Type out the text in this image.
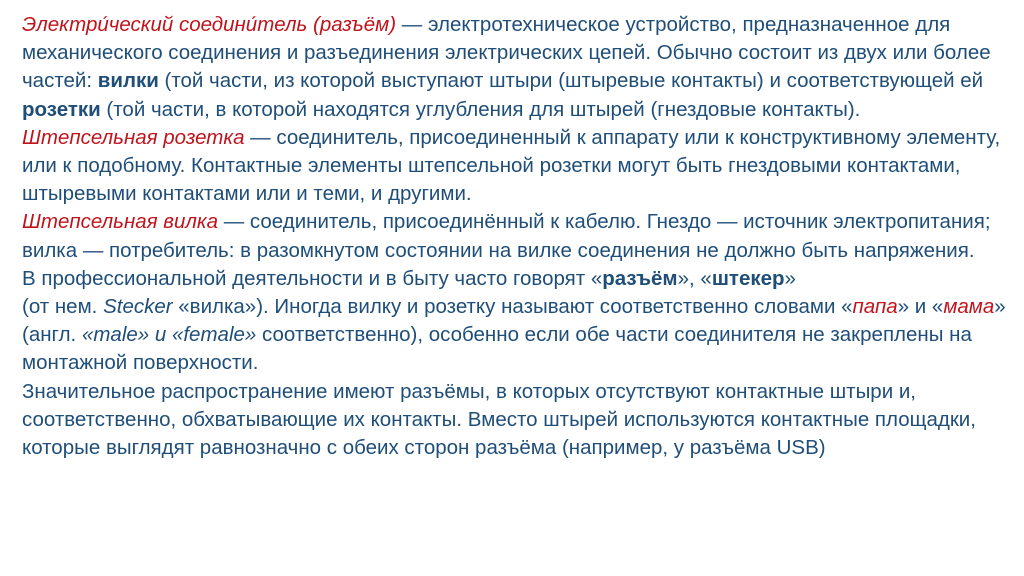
Электри́ческий соедини́тель (разъём) — электротехническое устройство, предназначенное для механического соединения и разъединения электрических цепей. Обычно состоит из двух или более частей: вилки (той части, из которой выступают штыри (штыревые контакты) и соответствующей ей розетки (той части, в которой находятся углубления для штырей (гнездовые контакты).

Штепсельная розетка — соединитель, присоединенный к аппарату или к конструктивному элементу, или к подобному. Контактные элементы штепсельной розетки могут быть гнездовыми контактами, штыревыми контактами или и теми, и другими.

Штепсельная вилка — соединитель, присоединённый к кабелю. Гнездо — источник электропитания; вилка — потребитель: в разомкнутом состоянии на вилке соединения не должно быть напряжения.

В профессиональной деятельности и в быту часто говорят «разъём», «штекер»
(от нем. Stecker «вилка»). Иногда вилку и розетку называют соответственно словами «папа» и «мама» (англ. «male» и «female» соответственно), особенно если обе части соединителя не закреплены на монтажной поверхности.

Значительное распространение имеют разъёмы, в которых отсутствуют контактные штыри и, соответственно, обхватывающие их контакты. Вместо штырей используются контактные площадки, которые выглядят равнозначно с обеих сторон разъёма (например, у разъёма USB)
